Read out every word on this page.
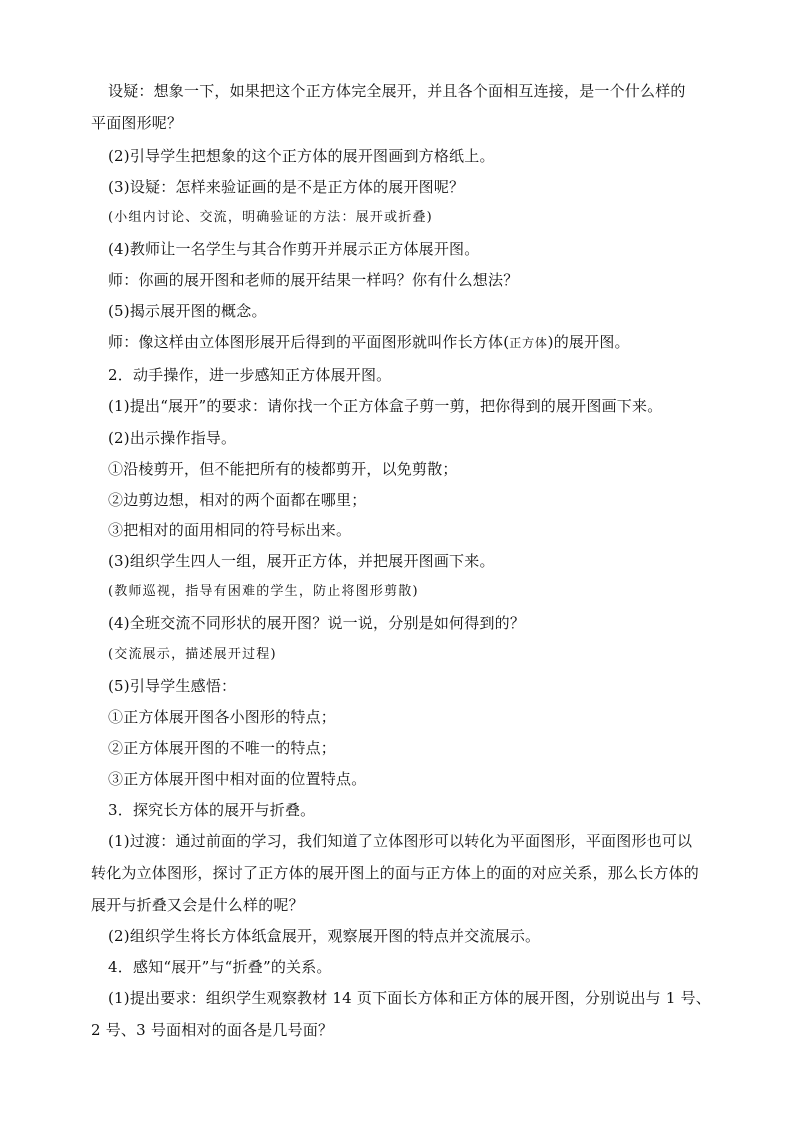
设疑：想象一下，如果把这个正方体完全展开，并且各个面相互连接，是一个什么样的
平面图形呢？
(2)引导学生把想象的这个正方体的展开图画到方格纸上。
(3)设疑：怎样来验证画的是不是正方体的展开图呢？
(小组内讨论、交流，明确验证的方法：展开或折叠)
(4)教师让一名学生与其合作剪开并展示正方体展开图。
师：你画的展开图和老师的展开结果一样吗？你有什么想法？
(5)揭示展开图的概念。
师：像这样由立体图形展开后得到的平面图形就叫作长方体(正方体)的展开图。
2．动手操作，进一步感知正方体展开图。
(1)提出“展开”的要求：请你找一个正方体盒子剪一剪，把你得到的展开图画下来。
(2)出示操作指导。
①沿棱剪开，但不能把所有的棱都剪开，以免剪散；
②边剪边想，相对的两个面都在哪里；
③把相对的面用相同的符号标出来。
(3)组织学生四人一组，展开正方体，并把展开图画下来。
(教师巡视，指导有困难的学生，防止将图形剪散)
(4)全班交流不同形状的展开图？说一说，分别是如何得到的？
(交流展示，描述展开过程)
(5)引导学生感悟：
①正方体展开图各小图形的特点；
②正方体展开图的不唯一的特点；
③正方体展开图中相对面的位置特点。
3．探究长方体的展开与折叠。
(1)过渡：通过前面的学习，我们知道了立体图形可以转化为平面图形，平面图形也可以
转化为立体图形，探讨了正方体的展开图上的面与正方体上的面的对应关系，那么长方体的
展开与折叠又会是什么样的呢？
(2)组织学生将长方体纸盒展开，观察展开图的特点并交流展示。
4．感知“展开”与“折叠”的关系。
(1)提出要求：组织学生观察教材 14 页下面长方体和正方体的展开图，分别说出与 1 号、
2 号、3 号面相对的面各是几号面？
